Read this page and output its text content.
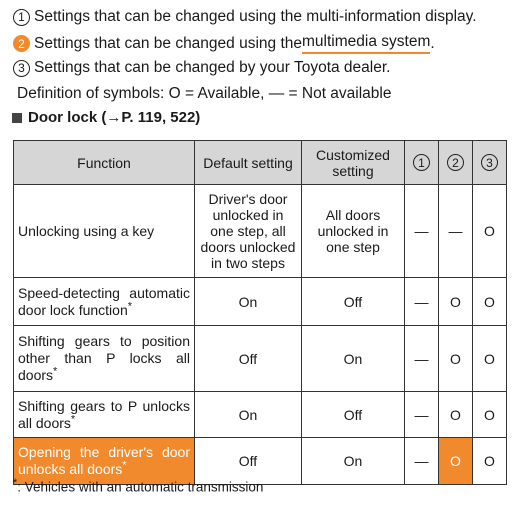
1 Settings that can be changed using the multi-information display.
2 Settings that can be changed using the multimedia system .
3 Settings that can be changed by your Toyota dealer.
Definition of symbols: O = Available, — = Not available
Door lock (→P. 119, 522)
Function	Default setting	Customized setting	1	2	3
Unlocking using a key	Driver's door unlocked in one step, all doors unlocked in two steps	All doors unlocked in one step	—	—	O
Speed-detecting automatic door lock function*	On	Off	—	O	O
Shifting gears to position other than P locks all doors*	Off	On	—	O	O
Shifting gears to P unlocks all doors*	On	Off	—	O	O
Opening the driver's door unlocks all doors*	Off	On	—	O	O
*: Vehicles with an automatic transmission
